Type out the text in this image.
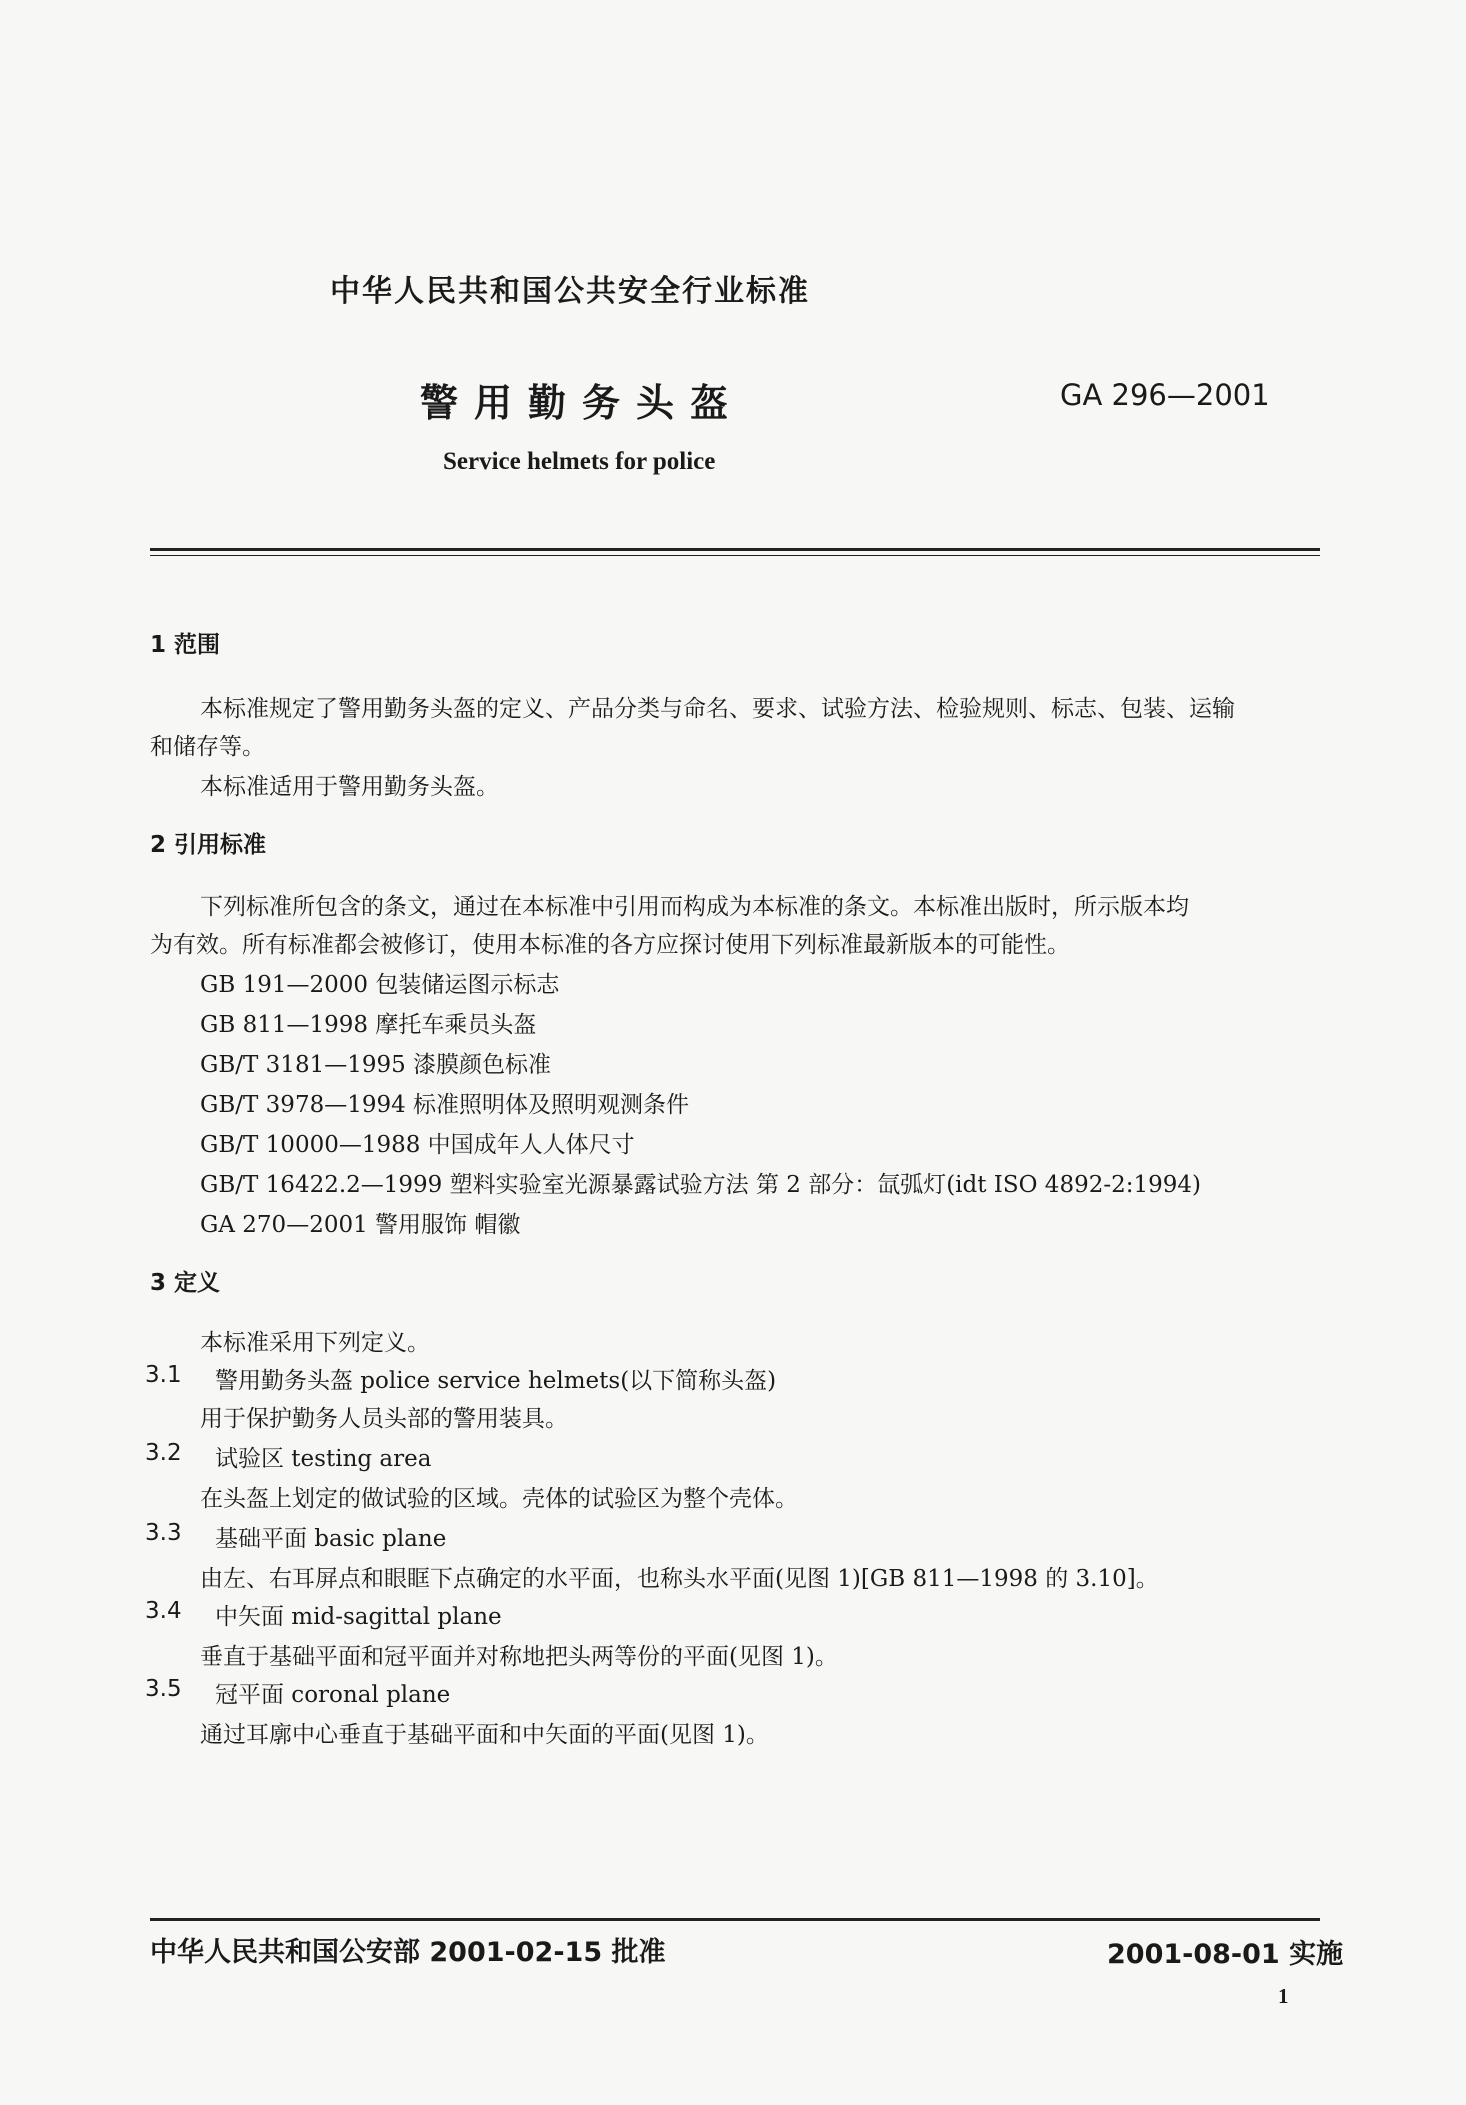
中华人民共和国公共安全行业标准
警用勤务头盔	GA 296—2001
Service helmets for police
1 范围
本标准规定了警用勤务头盔的定义、产品分类与命名、要求、试验方法、检验规则、标志、包装、运输
和储存等。
本标准适用于警用勤务头盔。
2 引用标准
下列标准所包含的条文，通过在本标准中引用而构成为本标准的条文。本标准出版时，所示版本均
为有效。所有标准都会被修订，使用本标准的各方应探讨使用下列标准最新版本的可能性。
GB 191—2000 包装储运图示标志
GB 811—1998 摩托车乘员头盔
GB/T 3181—1995 漆膜颜色标准
GB/T 3978—1994 标准照明体及照明观测条件
GB/T 10000—1988 中国成年人人体尺寸
GB/T 16422.2—1999 塑料实验室光源暴露试验方法 第 2 部分：氙弧灯(idt ISO 4892-2:1994)
GA 270—2001 警用服饰 帽徽
3 定义
本标准采用下列定义。
3.1 警用勤务头盔 police service helmets(以下简称头盔)
用于保护勤务人员头部的警用装具。
3.2 试验区 testing area
在头盔上划定的做试验的区域。壳体的试验区为整个壳体。
3.3 基础平面 basic plane
由左、右耳屏点和眼眶下点确定的水平面，也称头水平面(见图 1)[GB 811—1998 的 3.10]。
3.4 中矢面 mid-sagittal plane
垂直于基础平面和冠平面并对称地把头两等份的平面(见图 1)。
3.5 冠平面 coronal plane
通过耳廓中心垂直于基础平面和中矢面的平面(见图 1)。
中华人民共和国公安部 2001-02-15 批准	2001-08-01 实施
1
